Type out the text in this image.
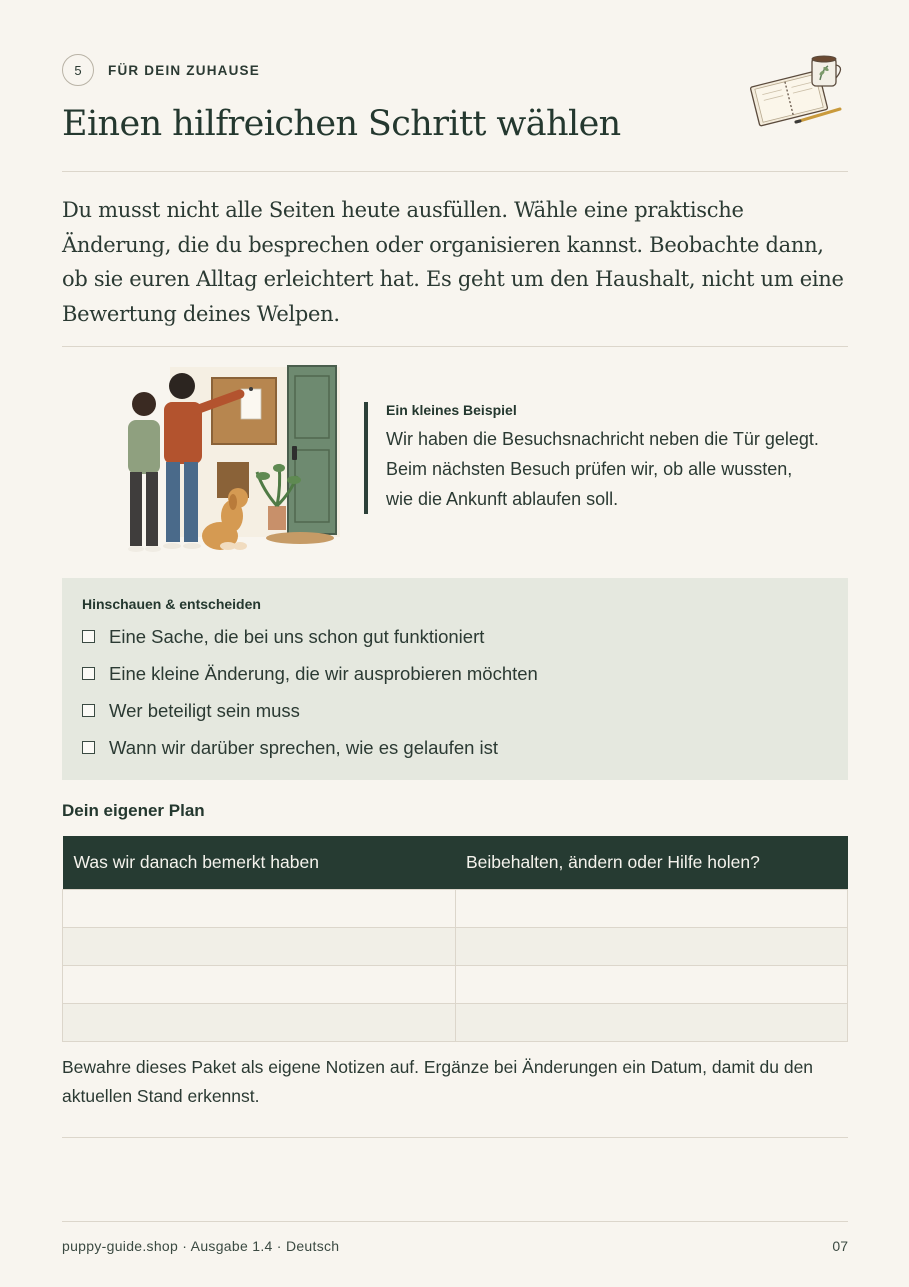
5	FÜR DEIN ZUHAUSE
Einen hilfreichen Schritt wählen

Du musst nicht alle Seiten heute ausfüllen. Wähle eine praktische Änderung, die du besprechen oder organisieren kannst. Beobachte dann, ob sie euren Alltag erleichtert hat. Es geht um den Haushalt, nicht um eine Bewertung deines Welpen.

Ein kleines Beispiel
Wir haben die Besuchsnachricht neben die Tür gelegt.
Beim nächsten Besuch prüfen wir, ob alle wussten,
wie die Ankunft ablaufen soll.
Hinschauen & entscheiden
Eine Sache, die bei uns schon gut funktioniert
Eine kleine Änderung, die wir ausprobieren möchten
Wer beteiligt sein muss
Wann wir darüber sprechen, wie es gelaufen ist
Dein eigener Plan
Was wir danach bemerkt haben	Beibehalten, ändern oder Hilfe holen?

Bewahre dieses Paket als eigene Notizen auf. Ergänze bei Änderungen ein Datum, damit du den aktuellen Stand erkennst.

puppy-guide.shop · Ausgabe 1.4 · Deutsch	07
